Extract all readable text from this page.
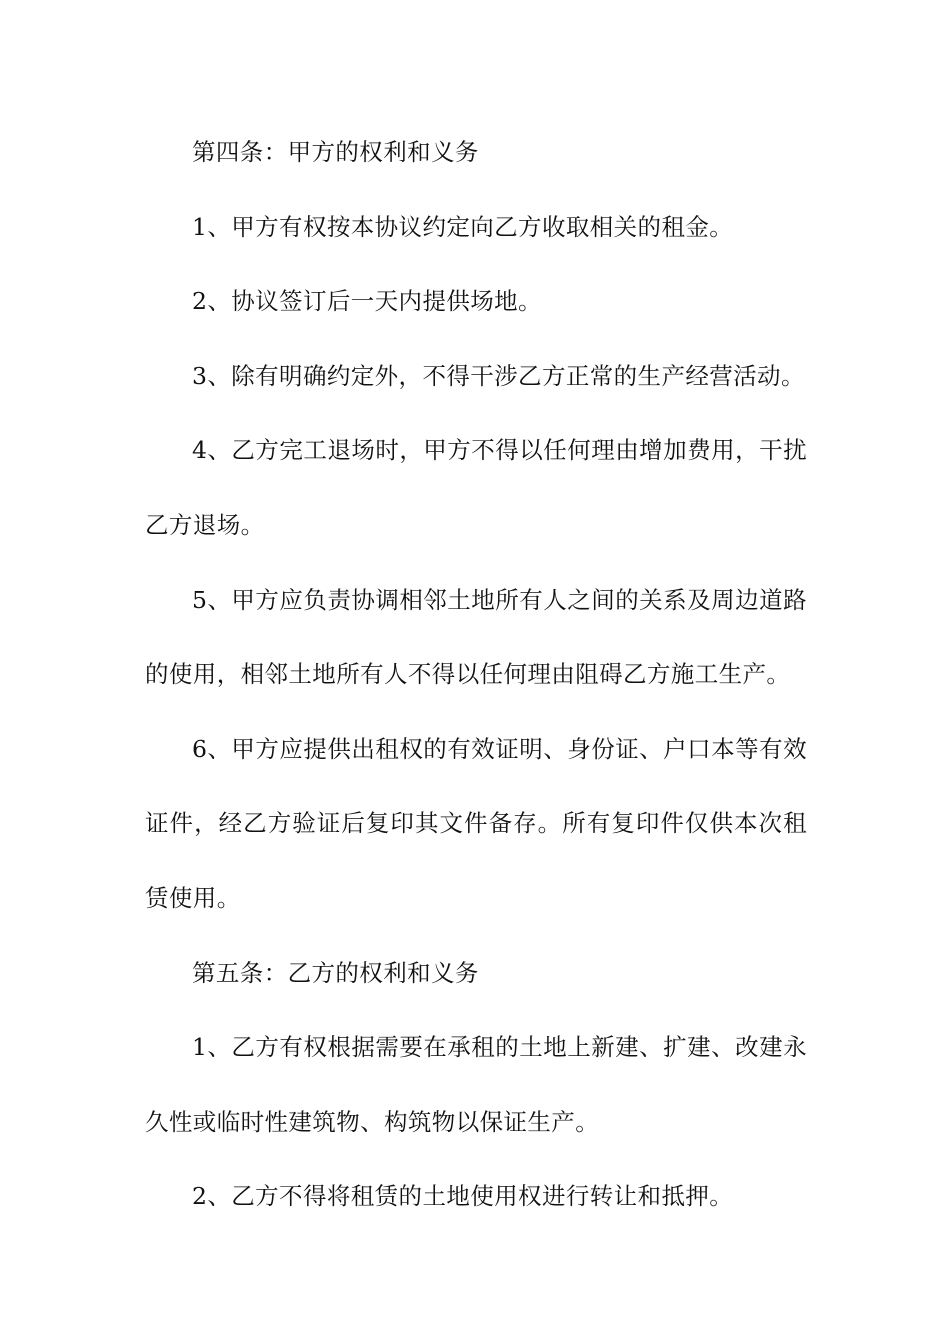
第四条：甲方的权利和义务

1、甲方有权按本协议约定向乙方收取相关的租金。

2、协议签订后一天内提供场地。

3、除有明确约定外，不得干涉乙方正常的生产经营活动。

4、乙方完工退场时，甲方不得以任何理由增加费用，干扰乙方退场。

5、甲方应负责协调相邻土地所有人之间的关系及周边道路的使用，相邻土地所有人不得以任何理由阻碍乙方施工生产。

6、甲方应提供出租权的有效证明、身份证、户口本等有效证件，经乙方验证后复印其文件备存。所有复印件仅供本次租赁使用。

第五条：乙方的权利和义务

1、乙方有权根据需要在承租的土地上新建、扩建、改建永久性或临时性建筑物、构筑物以保证生产。

2、乙方不得将租赁的土地使用权进行转让和抵押。
